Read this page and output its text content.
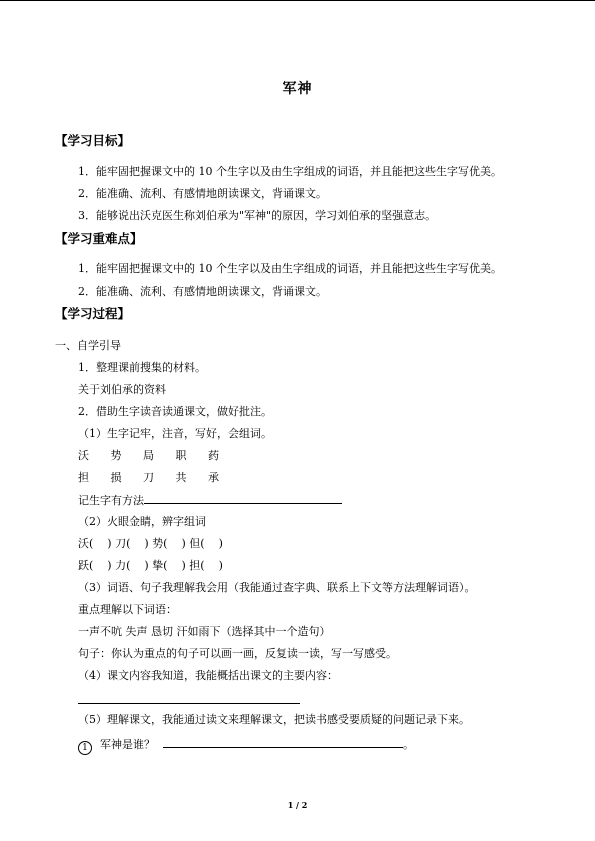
军神
【学习目标】
1．能牢固把握课文中的 10 个生字以及由生字组成的词语，并且能把这些生字写优美。
2．能准确、流利、有感情地朗读课文，背诵课文。
3．能够说出沃克医生称刘伯承为"军神"的原因，学习刘伯承的坚强意志。
【学习重难点】
1．能牢固把握课文中的 10 个生字以及由生字组成的词语，并且能把这些生字写优美。
2．能准确、流利、有感情地朗读课文，背诵课文。
【学习过程】
一、自学引导
1．整理课前搜集的材料。
关于刘伯承的资料
2．借助生字读音读通课文，做好批注。
（1）生字记牢，注音，写好，会组词。
沃 势 局 职 药
担 损 刀 共 承
记生字有方法
（2）火眼金睛，辨字组词
沃( ) 刀( ) 势( ) 但( )
跃( ) 力( ) 挚( ) 担( )
（3）词语、句子我理解我会用（我能通过查字典、联系上下文等方法理解词语）。
重点理解以下词语：
一声不吭 失声 恳切 汗如雨下（选择其中一个造句）
句子：你认为重点的句子可以画一画，反复读一读，写一写感受。
（4）课文内容我知道，我能概括出课文的主要内容：
（5）理解课文，我能通过读文来理解课文，把读书感受要质疑的问题记录下来。
1 军神是谁？	。
1 / 2
